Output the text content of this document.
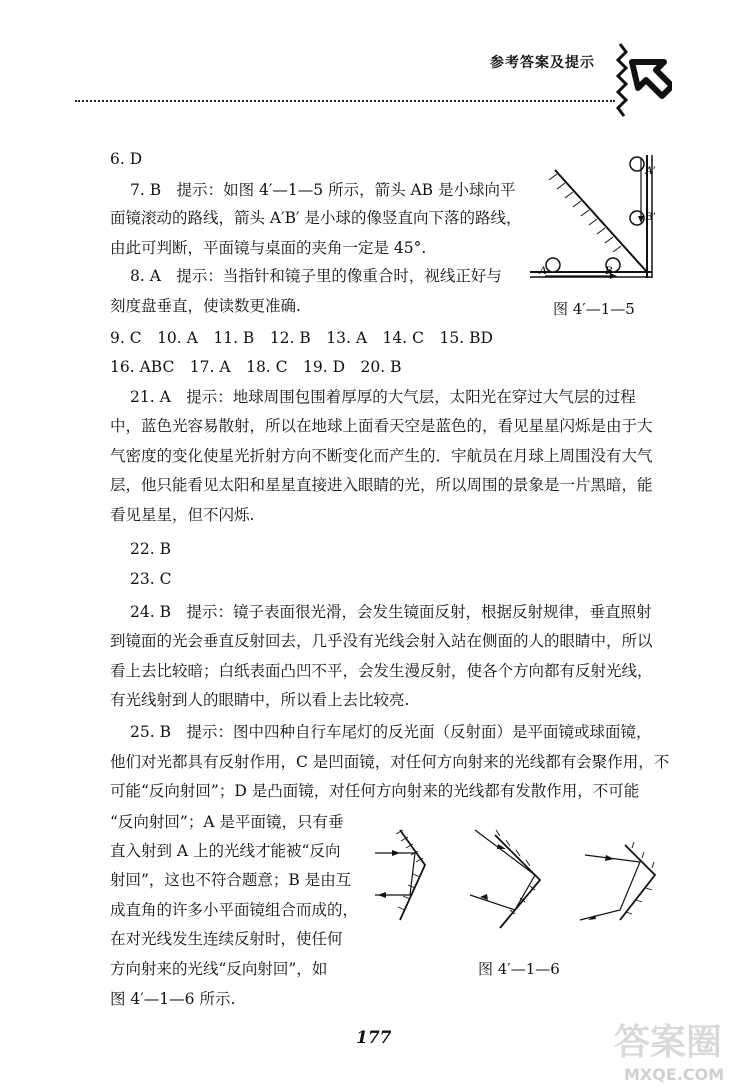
参考答案及提示
6. D
7. B　提示：如图 4′—1—5 所示，箭头 AB 是小球向平
面镜滚动的路线，箭头 A′B′ 是小球的像竖直向下落的路线，
由此可判断，平面镜与桌面的夹角一定是 45°.
8. A　提示：当指针和镜子里的像重合时，视线正好与
刻度盘垂直，使读数更准确.
9. C　10. A　11. B　12. B　13. A　14. C　15. BD
16. ABC　17. A　18. C　19. D　20. B
21. A　提示：地球周围包围着厚厚的大气层，太阳光在穿过大气层的过程
中，蓝色光容易散射，所以在地球上面看天空是蓝色的，看见星星闪烁是由于大
气密度的变化使星光折射方向不断变化而产生的．宇航员在月球上周围没有大气
层，他只能看见太阳和星星直接进入眼睛的光，所以周围的景象是一片黑暗，能
看见星星，但不闪烁.
22. B
23. C
24. B　提示：镜子表面很光滑，会发生镜面反射，根据反射规律，垂直照射
到镜面的光会垂直反射回去，几乎没有光线会射入站在侧面的人的眼睛中，所以
看上去比较暗；白纸表面凸凹不平，会发生漫反射，使各个方向都有反射光线，
有光线射到人的眼睛中，所以看上去比较亮.
25. B　提示：图中四种自行车尾灯的反光面（反射面）是平面镜或球面镜，
他们对光都具有反射作用，C 是凹面镜，对任何方向射来的光线都有会聚作用，不
可能“反向射回”；D 是凸面镜，对任何方向射来的光线都有发散作用，不可能
“反向射回”；A 是平面镜，只有垂
直入射到 A 上的光线才能被“反向
射回”，这也不符合题意；B 是由互
成直角的许多小平面镜组合而成的，
在对光线发生连续反射时，使任何
方向射来的光线“反向射回”，如
图 4′—1—6 所示.
A	B
A′
B′
图 4′—1—5
图 4′—1—6
177	答案圈
MXQE.COM
